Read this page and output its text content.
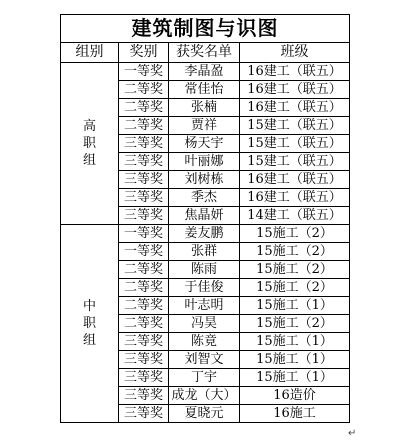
建筑制图与识图			
组别	奖别	获奖名单	班级

高
职
组	一等奖	李晶盈	16建工（联五）
	二等奖	常佳怡	16建工（联五）
	二等奖	张楠	16建工（联五）
	二等奖	贾祥	15建工（联五）
	三等奖	杨天宇	15建工（联五）
	三等奖	叶丽娜	15建工（联五）
	三等奖	刘树栋	16建工（联五）
	三等奖	季杰	16建工（联五）
	三等奖	焦晶妍	14建工（联五）

中
职
组	一等奖	姜友鹏	15施工（2）
	一等奖	张群	15施工（2）
	二等奖	陈雨	15施工（2）
	二等奖	于佳俊	15施工（2）
	二等奖	叶志明	15施工（1）
	二等奖	冯昊	15施工（2）
	三等奖	陈竟	15施工（1）
	三等奖	刘智文	15施工（1）
	三等奖	丁宇	15施工（1）
	三等奖	成龙（大）	16造价
	三等奖	夏晓元	16施工
↵
